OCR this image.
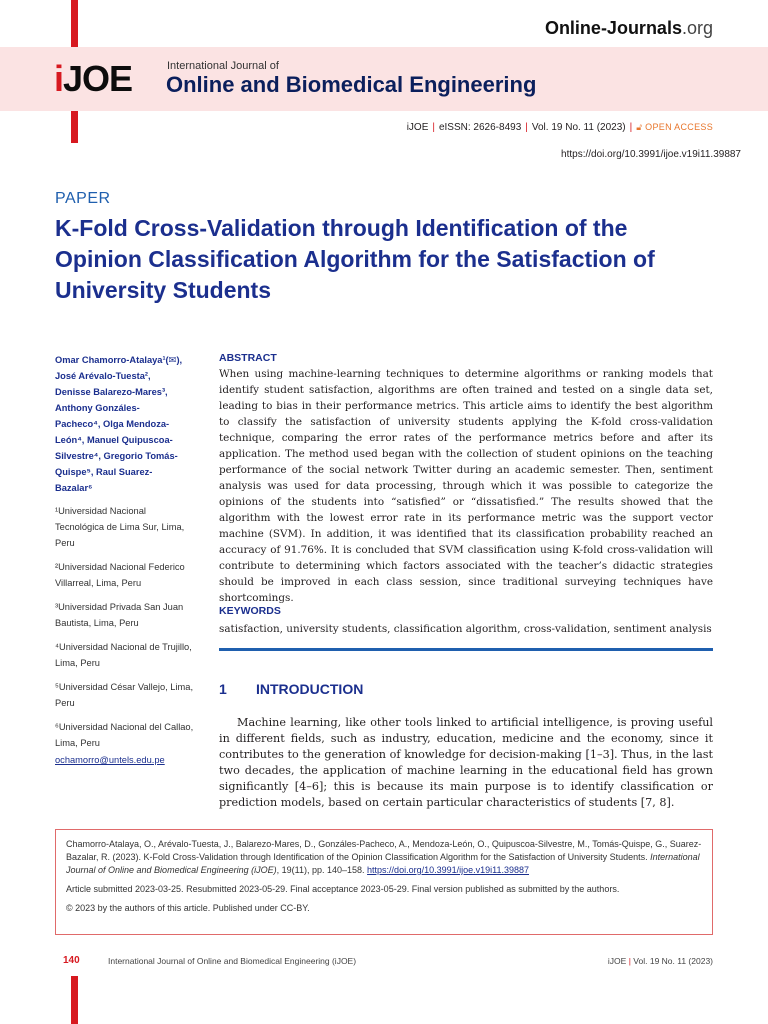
Online-Journals.org
iJOE	International Journal of
Online and Biomedical Engineering
iJOE | eISSN: 2626-8493 | Vol. 19 No. 11 (2023) | 🔓︎ OPEN ACCESS
https://doi.org/10.3991/ijoe.v19i11.39887
PAPER
K-Fold Cross-Validation through Identification of the Opinion Classification Algorithm for the Satisfaction of University Students
Omar Chamorro-Atalaya¹(✉), José Arévalo-Tuesta², Denisse Balarezo-Mares³, Anthony Gonzáles-Pacheco⁴, Olga Mendoza-León⁴, Manuel Quipuscoa-Silvestre⁴, Gregorio Tomás-Quispe⁵, Raul Suarez-Bazalar⁶
¹Universidad Nacional Tecnológica de Lima Sur, Lima, Peru
²Universidad Nacional Federico Villarreal, Lima, Peru
³Universidad Privada San Juan Bautista, Lima, Peru
⁴Universidad Nacional de Trujillo, Lima, Peru
⁵Universidad César Vallejo, Lima, Peru
⁶Universidad Nacional del Callao, Lima, Peru
ochamorro@untels.edu.pe
ABSTRACT
When using machine-learning techniques to determine algorithms or ranking models that identify student satisfaction, algorithms are often trained and tested on a single data set, leading to bias in their performance metrics. This article aims to identify the best algorithm to classify the satisfaction of university students applying the K-fold cross-validation technique, comparing the error rates of the performance metrics before and after its application. The method used began with the collection of student opinions on the teaching performance of the social network Twitter during an academic semester. Then, sentiment analysis was used for data processing, through which it was possible to categorize the opinions of the students into “satisfied” or “dissatisfied.” The results showed that the algorithm with the lowest error rate in its performance metric was the support vector machine (SVM). In addition, it was identified that its classification probability reached an accuracy of 91.76%. It is concluded that SVM classification using K-fold cross-validation will contribute to determining which factors associated with the teacher’s didactic strategies should be improved in each class session, since traditional surveying techniques have shortcomings.
KEYWORDS
satisfaction, university students, classification algorithm, cross-validation, sentiment analysis
1 INTRODUCTION
Machine learning, like other tools linked to artificial intelligence, is proving useful in different fields, such as industry, education, medicine and the economy, since it contributes to the generation of knowledge for decision-making [1–3]. Thus, in the last two decades, the application of machine learning in the educational field has grown significantly [4–6]; this is because its main purpose is to identify classification or prediction models, based on certain particular characteristics of students [7, 8].
Chamorro-Atalaya, O., Arévalo-Tuesta, J., Balarezo-Mares, D., Gonzáles-Pacheco, A., Mendoza-León, O., Quipuscoa-Silvestre, M., Tomás-Quispe, G., Suarez-Bazalar, R. (2023). K-Fold Cross-Validation through Identification of the Opinion Classification Algorithm for the Satisfaction of University Students. International Journal of Online and Biomedical Engineering (iJOE), 19(11), pp. 140–158. https://doi.org/10.3991/ijoe.v19i11.39887
Article submitted 2023-03-25. Resubmitted 2023-05-29. Final acceptance 2023-05-29. Final version published as submitted by the authors.
© 2023 by the authors of this article. Published under CC-BY.
140	International Journal of Online and Biomedical Engineering (iJOE)	iJOE | Vol. 19 No. 11 (2023)
